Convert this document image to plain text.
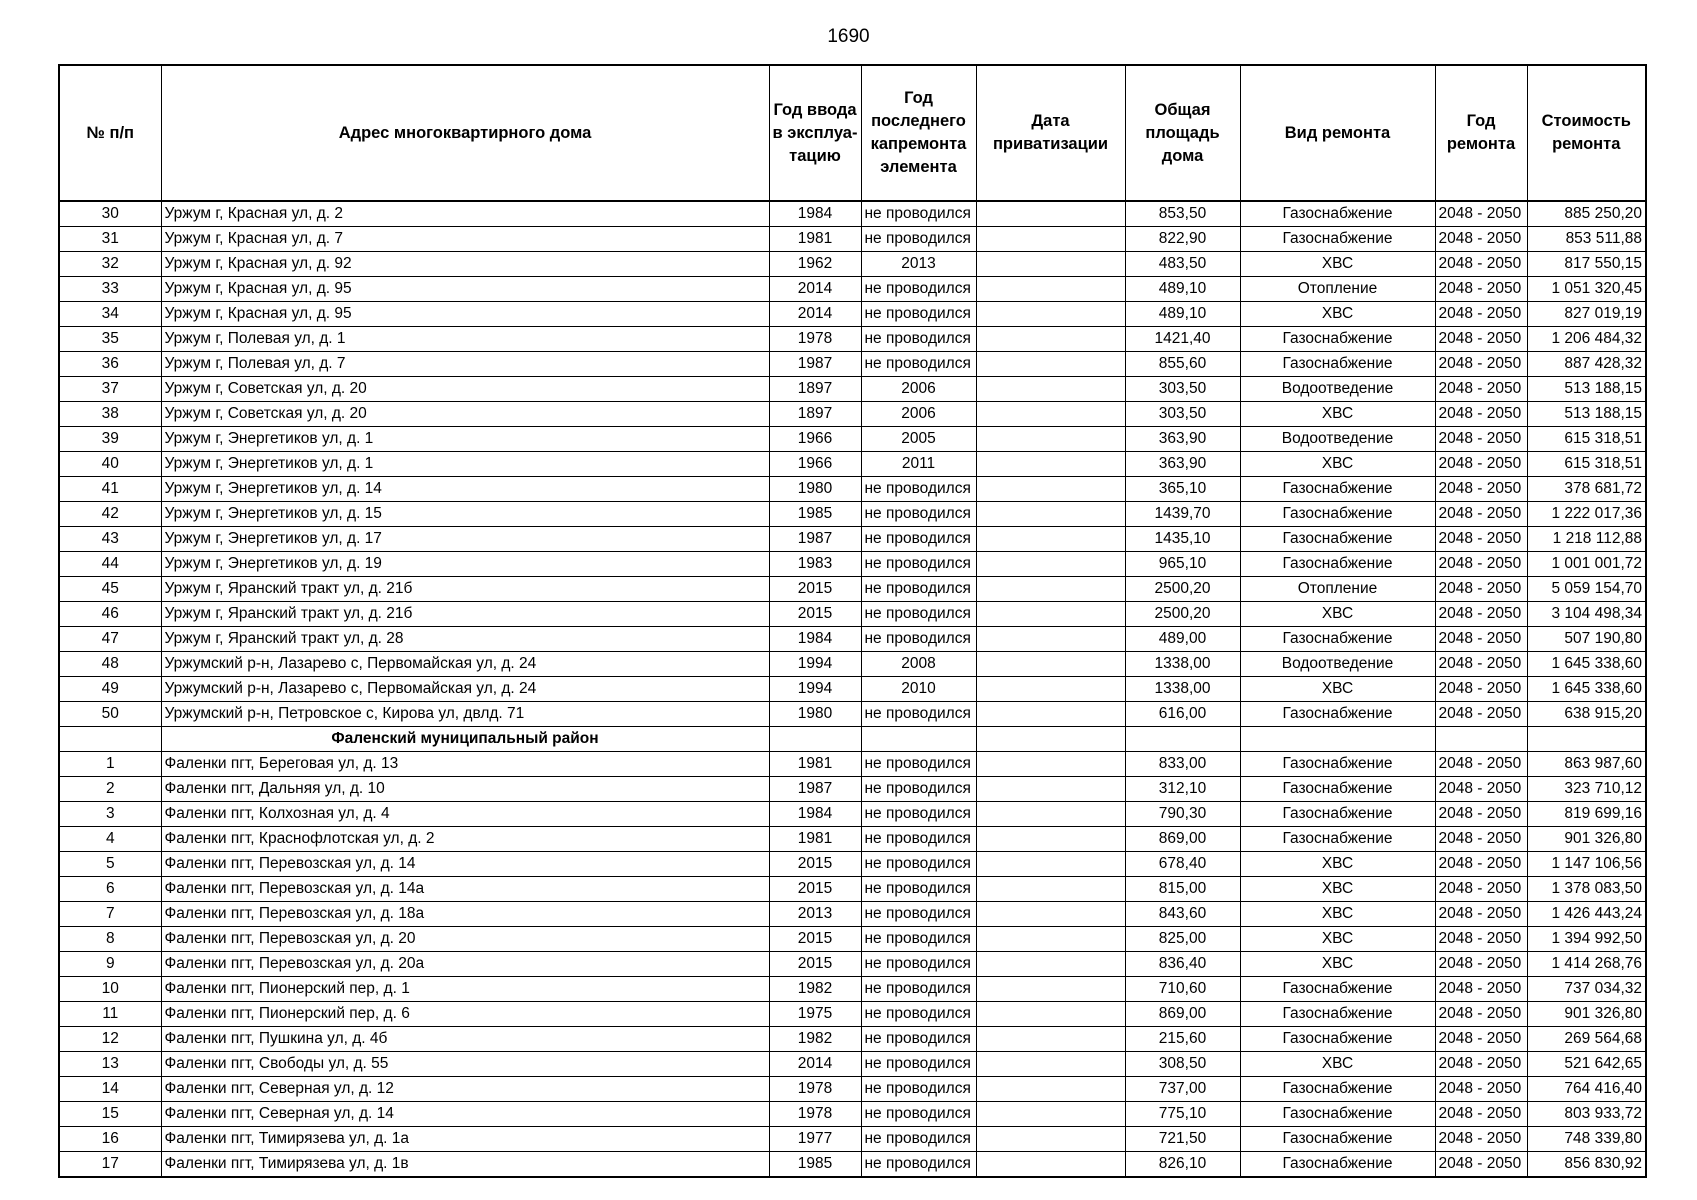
1690
№ п/п	Адрес многоквартирного дома	Год ввода в эксплуа-тацию	Год последнего капремонта элемента	Дата приватизации	Общая площадь дома	Вид ремонта	Год ремонта	Стоимость ремонта
30	Уржум г, Красная ул, д. 2	1984	не проводился		853,50	Газоснабжение	2048 - 2050	885 250,20
31	Уржум г, Красная ул, д. 7	1981	не проводился		822,90	Газоснабжение	2048 - 2050	853 511,88
32	Уржум г, Красная ул, д. 92	1962	2013		483,50	ХВС	2048 - 2050	817 550,15
33	Уржум г, Красная ул, д. 95	2014	не проводился		489,10	Отопление	2048 - 2050	1 051 320,45
34	Уржум г, Красная ул, д. 95	2014	не проводился		489,10	ХВС	2048 - 2050	827 019,19
35	Уржум г, Полевая ул, д. 1	1978	не проводился		1421,40	Газоснабжение	2048 - 2050	1 206 484,32
36	Уржум г, Полевая ул, д. 7	1987	не проводился		855,60	Газоснабжение	2048 - 2050	887 428,32
37	Уржум г, Советская ул, д. 20	1897	2006		303,50	Водоотведение	2048 - 2050	513 188,15
38	Уржум г, Советская ул, д. 20	1897	2006		303,50	ХВС	2048 - 2050	513 188,15
39	Уржум г, Энергетиков ул, д. 1	1966	2005		363,90	Водоотведение	2048 - 2050	615 318,51
40	Уржум г, Энергетиков ул, д. 1	1966	2011		363,90	ХВС	2048 - 2050	615 318,51
41	Уржум г, Энергетиков ул, д. 14	1980	не проводился		365,10	Газоснабжение	2048 - 2050	378 681,72
42	Уржум г, Энергетиков ул, д. 15	1985	не проводился		1439,70	Газоснабжение	2048 - 2050	1 222 017,36
43	Уржум г, Энергетиков ул, д. 17	1987	не проводился		1435,10	Газоснабжение	2048 - 2050	1 218 112,88
44	Уржум г, Энергетиков ул, д. 19	1983	не проводился		965,10	Газоснабжение	2048 - 2050	1 001 001,72
45	Уржум г, Яранский тракт ул, д. 21б	2015	не проводился		2500,20	Отопление	2048 - 2050	5 059 154,70
46	Уржум г, Яранский тракт ул, д. 21б	2015	не проводился		2500,20	ХВС	2048 - 2050	3 104 498,34
47	Уржум г, Яранский тракт ул, д. 28	1984	не проводился		489,00	Газоснабжение	2048 - 2050	507 190,80
48	Уржумский р-н, Лазарево с, Первомайская ул, д. 24	1994	2008		1338,00	Водоотведение	2048 - 2050	1 645 338,60
49	Уржумский р-н, Лазарево с, Первомайская ул, д. 24	1994	2010		1338,00	ХВС	2048 - 2050	1 645 338,60
50	Уржумский р-н, Петровское с, Кирова ул, двлд. 71	1980	не проводился		616,00	Газоснабжение	2048 - 2050	638 915,20
	Фаленский муниципальный район							
1	Фаленки пгт, Береговая ул, д. 13	1981	не проводился		833,00	Газоснабжение	2048 - 2050	863 987,60
2	Фаленки пгт, Дальняя ул, д. 10	1987	не проводился		312,10	Газоснабжение	2048 - 2050	323 710,12
3	Фаленки пгт, Колхозная ул, д. 4	1984	не проводился		790,30	Газоснабжение	2048 - 2050	819 699,16
4	Фаленки пгт, Краснофлотская ул, д. 2	1981	не проводился		869,00	Газоснабжение	2048 - 2050	901 326,80
5	Фаленки пгт, Перевозская ул, д. 14	2015	не проводился		678,40	ХВС	2048 - 2050	1 147 106,56
6	Фаленки пгт, Перевозская ул, д. 14а	2015	не проводился		815,00	ХВС	2048 - 2050	1 378 083,50
7	Фаленки пгт, Перевозская ул, д. 18а	2013	не проводился		843,60	ХВС	2048 - 2050	1 426 443,24
8	Фаленки пгт, Перевозская ул, д. 20	2015	не проводился		825,00	ХВС	2048 - 2050	1 394 992,50
9	Фаленки пгт, Перевозская ул, д. 20а	2015	не проводился		836,40	ХВС	2048 - 2050	1 414 268,76
10	Фаленки пгт, Пионерский пер, д. 1	1982	не проводился		710,60	Газоснабжение	2048 - 2050	737 034,32
11	Фаленки пгт, Пионерский пер, д. 6	1975	не проводился		869,00	Газоснабжение	2048 - 2050	901 326,80
12	Фаленки пгт, Пушкина ул, д. 4б	1982	не проводился		215,60	Газоснабжение	2048 - 2050	269 564,68
13	Фаленки пгт, Свободы ул, д. 55	2014	не проводился		308,50	ХВС	2048 - 2050	521 642,65
14	Фаленки пгт, Северная ул, д. 12	1978	не проводился		737,00	Газоснабжение	2048 - 2050	764 416,40
15	Фаленки пгт, Северная ул, д. 14	1978	не проводился		775,10	Газоснабжение	2048 - 2050	803 933,72
16	Фаленки пгт, Тимирязева ул, д. 1а	1977	не проводился		721,50	Газоснабжение	2048 - 2050	748 339,80
17	Фаленки пгт, Тимирязева ул, д. 1в	1985	не проводился		826,10	Газоснабжение	2048 - 2050	856 830,92
